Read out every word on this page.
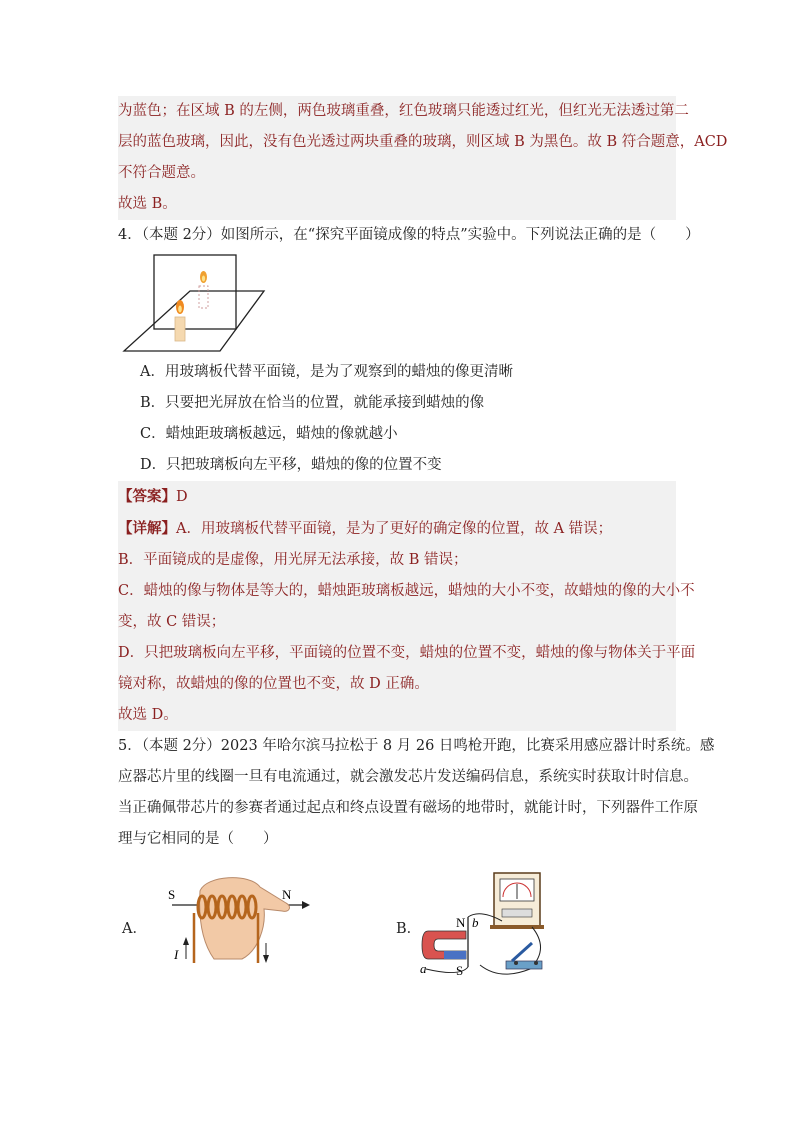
为蓝色；在区域 B 的左侧，两色玻璃重叠，红色玻璃只能透过红光，但红光无法透过第二
层的蓝色玻璃，因此，没有色光透过两块重叠的玻璃，则区域 B 为黑色。故 B 符合题意，ACD
不符合题意。
故选 B。
4．（本题 2分）如图所示，在“探究平面镜成像的特点”实验中。下列说法正确的是（　　）
A．用玻璃板代替平面镜，是为了观察到的蜡烛的像更清晰
B．只要把光屏放在恰当的位置，就能承接到蜡烛的像
C．蜡烛距玻璃板越远，蜡烛的像就越小
D．只把玻璃板向左平移，蜡烛的像的位置不变
【答案】D
【详解】A．用玻璃板代替平面镜，是为了更好的确定像的位置，故 A 错误；
B．平面镜成的是虚像，用光屏无法承接，故 B 错误；
C．蜡烛的像与物体是等大的，蜡烛距玻璃板越远，蜡烛的大小不变，故蜡烛的像的大小不
变，故 C 错误；
D．只把玻璃板向左平移，平面镜的位置不变，蜡烛的位置不变，蜡烛的像与物体关于平面
镜对称，故蜡烛的像的位置也不变，故 D 正确。
故选 D。
5．（本题 2分）2023 年哈尔滨马拉松于 8 月 26 日鸣枪开跑，比赛采用感应器计时系统。感
应器芯片里的线圈一旦有电流通过，就会激发芯片发送编码信息，系统实时获取计时信息。
当正确佩带芯片的参赛者通过起点和终点设置有磁场的地带时，就能计时，下列器件工作原
理与它相同的是（　　）
A．
S	N
I
B．	N
S
a
b
